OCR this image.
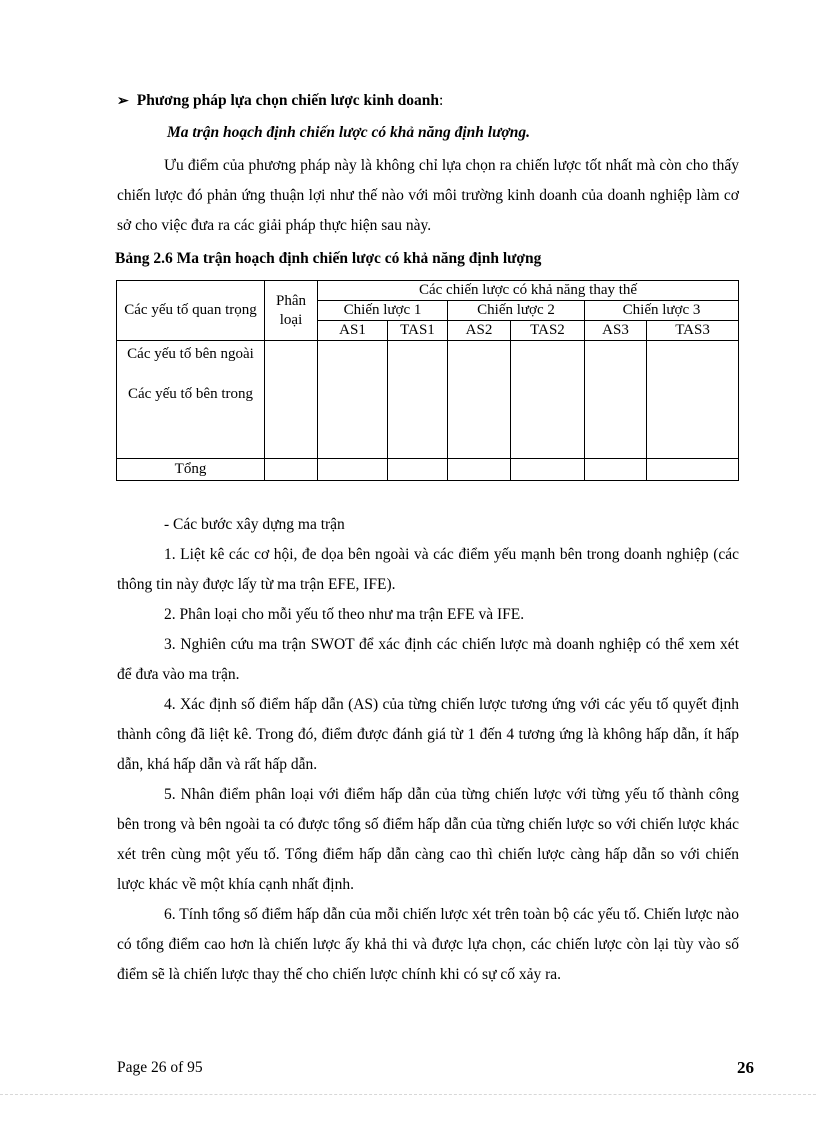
➢ Phương pháp lựa chọn chiến lược kinh doanh :
Ma trận hoạch định chiến lược có khả năng định lượng.

Ưu điểm của phương pháp này là không chỉ lựa chọn ra chiến lược tốt nhất mà còn cho thấy chiến lược đó phản ứng thuận lợi như thế nào với môi trường kinh doanh của doanh nghiệp làm cơ sở cho việc đưa ra các giải pháp thực hiện sau này.

Bảng 2.6 Ma trận hoạch định chiến lược có khả năng định lượng
Các yếu tố quan trọng	Phân loại	Các chiến lược có khả năng thay thế					
		Chiến lược 1		Chiến lược 2		Chiến lược 3	
		AS1	TAS1	AS2	TAS2	AS3	TAS3

Các yếu tố bên ngoài
Các yếu tố bên trong							

Tổng							

- Các bước xây dựng ma trận

1. Liệt kê các cơ hội, đe dọa bên ngoài và các điểm yếu mạnh bên trong doanh nghiệp (các thông tin này được lấy từ ma trận EFE, IFE).

2. Phân loại cho mỗi yếu tố theo như ma trận EFE và IFE.

3. Nghiên cứu ma trận SWOT để xác định các chiến lược mà doanh nghiệp có thể xem xét để đưa vào ma trận.

4. Xác định số điểm hấp dẫn (AS) của từng chiến lược tương ứng với các yếu tố quyết định thành công đã liệt kê. Trong đó, điểm được đánh giá từ 1 đến 4 tương ứng là không hấp dẫn, ít hấp dẫn, khá hấp dẫn và rất hấp dẫn.

5. Nhân điểm phân loại với điểm hấp dẫn của từng chiến lược với từng yếu tố thành công bên trong và bên ngoài ta có được tổng số điểm hấp dẫn của từng chiến lược so với chiến lược khác xét trên cùng một yếu tố. Tổng điểm hấp dẫn càng cao thì chiến lược càng hấp dẫn so với chiến lược khác về một khía cạnh nhất định.

6. Tính tổng số điểm hấp dẫn của mỗi chiến lược xét trên toàn bộ các yếu tố. Chiến lược nào có tổng điểm cao hơn là chiến lược ấy khả thi và được lựa chọn, các chiến lược còn lại tùy vào số điểm sẽ là chiến lược thay thế cho chiến lược chính khi có sự cố xảy ra.

Page 26 of 95	26
